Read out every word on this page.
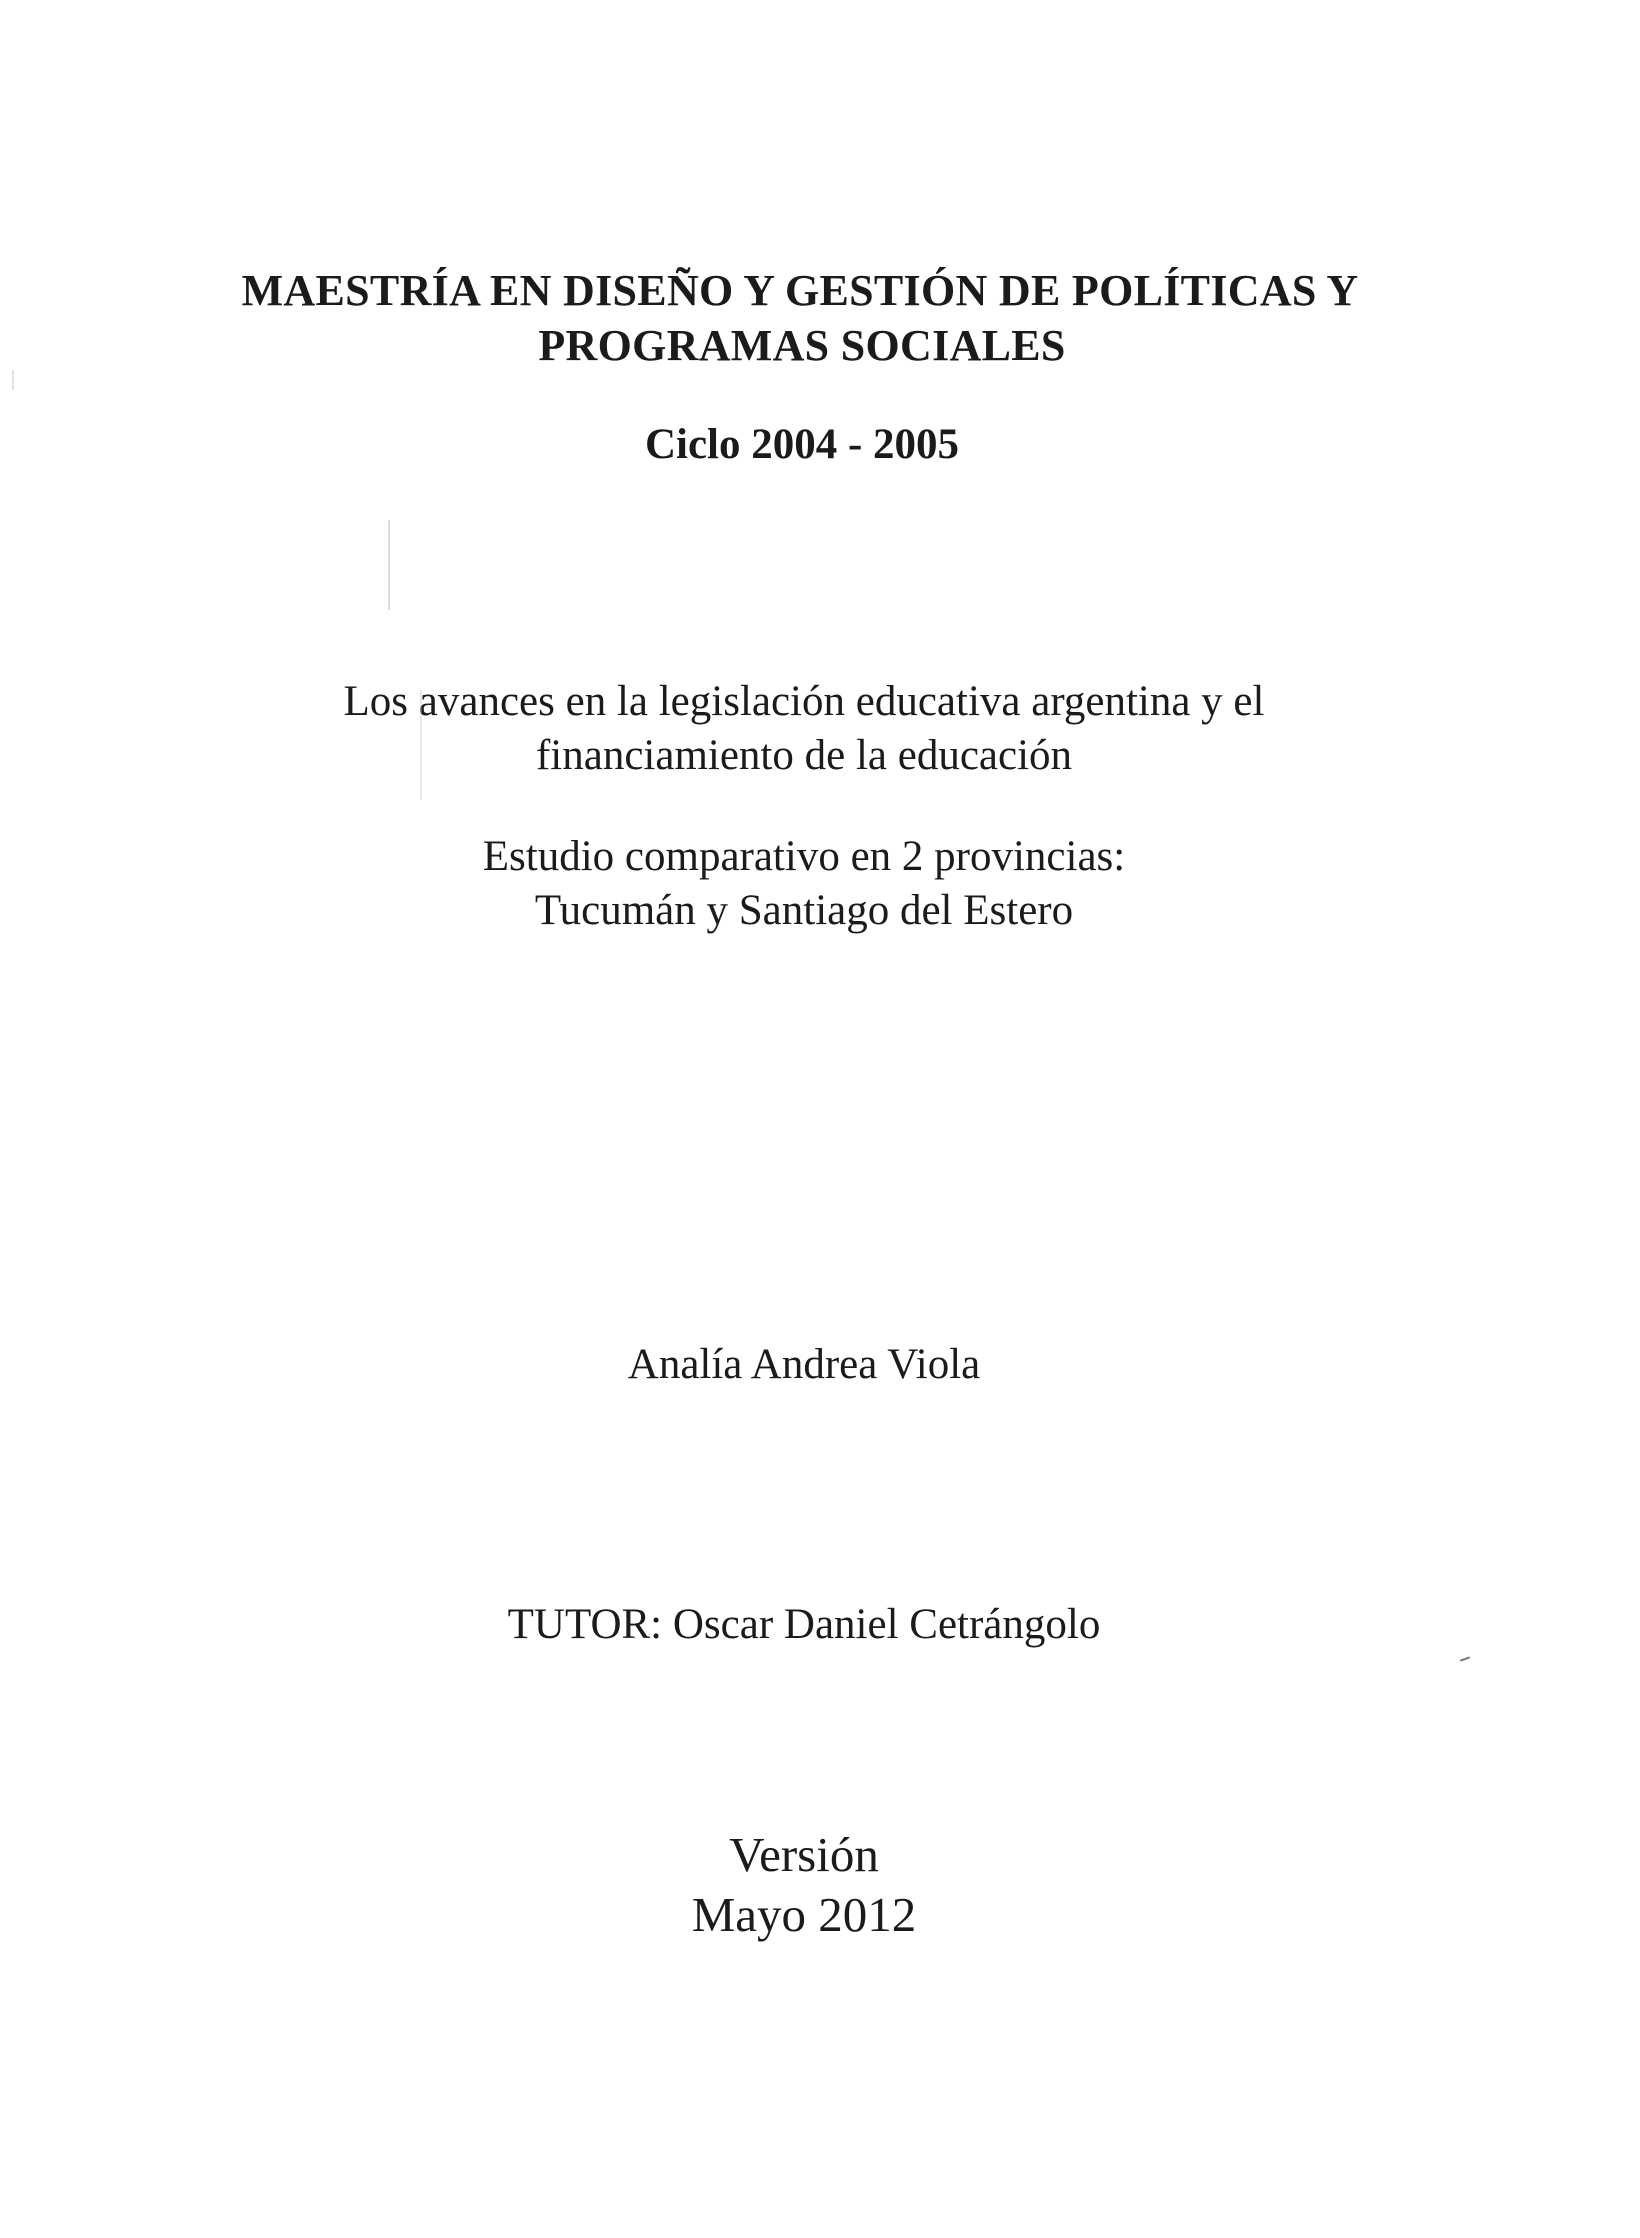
MAESTRÍA EN DISEÑO Y GESTIÓN DE POLÍTICAS Y
PROGRAMAS SOCIALES
Ciclo 2004 - 2005
Los avances en la legislación educativa argentina y el
financiamiento de la educación
Estudio comparativo en 2 provincias:
Tucumán y Santiago del Estero
Analía Andrea Viola
TUTOR: Oscar Daniel Cetrángolo
Versión
Mayo 2012
